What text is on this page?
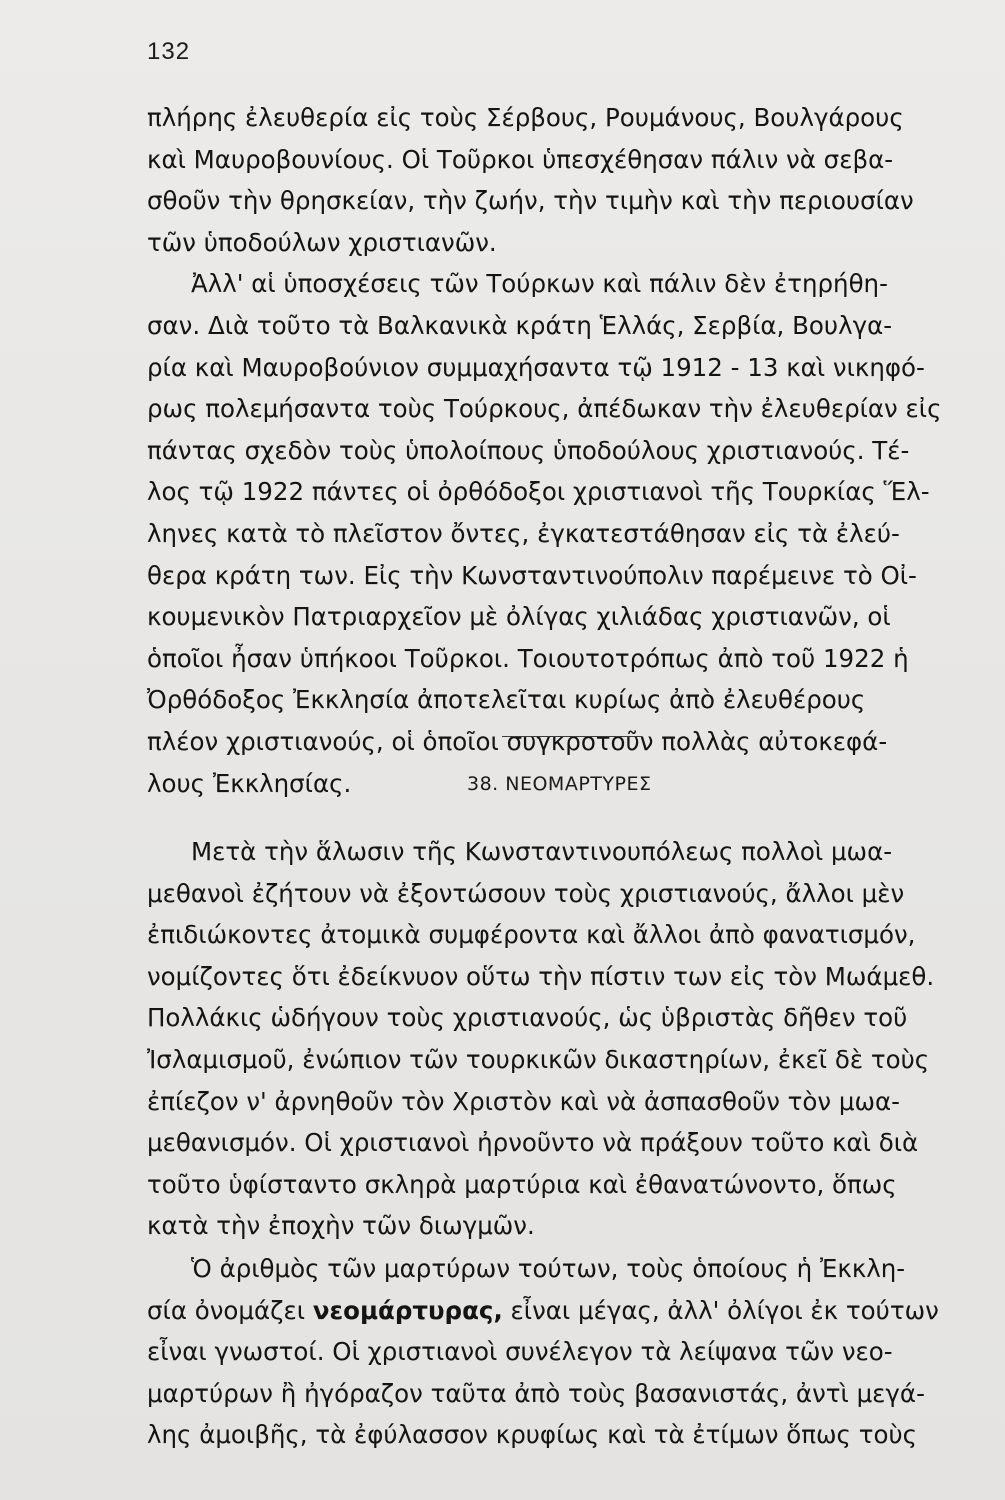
132
πλήρης ἐλευθερία εἰς τοὺς Σέρβους, Ρουμάνους, Βουλγάρους
καὶ Μαυροβουνίους. Οἱ Τοῦρκοι ὑπεσχέθησαν πάλιν νὰ σεβα-
σθοῦν τὴν θρησκείαν, τὴν ζωήν, τὴν τιμὴν καὶ τὴν περιουσίαν
τῶν ὑποδούλων χριστιανῶν.
Ἀλλ' αἱ ὑποσχέσεις τῶν Τούρκων καὶ πάλιν δὲν ἐτηρήθη-
σαν. Διὰ τοῦτο τὰ Βαλκανικὰ κράτη Ἑλλάς, Σερβία, Βουλγα-
ρία καὶ Μαυροβούνιον συμμαχήσαντα τῷ 1912 - 13 καὶ νικηφό-
ρως πολεμήσαντα τοὺς Τούρκους, ἀπέδωκαν τὴν ἐλευθερίαν εἰς
πάντας σχεδὸν τοὺς ὑπολοίπους ὑποδούλους χριστιανούς. Τέ-
λος τῷ 1922 πάντες οἱ ὀρθόδοξοι χριστιανοὶ τῆς Τουρκίας Ἕλ-
ληνες κατὰ τὸ πλεῖστον ὄντες, ἐγκατεστάθησαν εἰς τὰ ἐλεύ-
θερα κράτη των. Εἰς τὴν Κωνσταντινούπολιν παρέμεινε τὸ Οἰ-
κουμενικὸν Πατριαρχεῖον μὲ ὀλίγας χιλιάδας χριστιανῶν, οἱ
ὁποῖοι ἦσαν ὑπήκοοι Τοῦρκοι. Τοιουτοτρόπως ἀπὸ τοῦ 1922 ἡ
Ὀρθόδοξος Ἐκκλησία ἀποτελεῖται κυρίως ἀπὸ ἐλευθέρους
πλέον χριστιανούς, οἱ ὁποῖοι συγκροτοῦν πολλὰς αὐτοκεφά-
λους Ἐκκλησίας.	38. ΝΕΟΜΑΡΤΥΡΕΣ
Μετὰ τὴν ἅλωσιν τῆς Κωνσταντινουπόλεως πολλοὶ μωα-
μεθανοὶ ἐζήτουν νὰ ἐξοντώσουν τοὺς χριστιανούς, ἄλλοι μὲν
ἐπιδιώκοντες ἀτομικὰ συμφέροντα καὶ ἄλλοι ἀπὸ φανατισμόν,
νομίζοντες ὅτι ἐδείκνυον οὕτω τὴν πίστιν των εἰς τὸν Μωάμεθ.
Πολλάκις ὡδήγουν τοὺς χριστιανούς, ὡς ὑβριστὰς δῆθεν τοῦ
Ἰσλαμισμοῦ, ἐνώπιον τῶν τουρκικῶν δικαστηρίων, ἐκεῖ δὲ τοὺς
ἐπίεζον ν' ἀρνηθοῦν τὸν Χριστὸν καὶ νὰ ἀσπασθοῦν τὸν μωα-
μεθανισμόν. Οἱ χριστιανοὶ ἠρνοῦντο νὰ πράξουν τοῦτο καὶ διὰ
τοῦτο ὑφίσταντο σκληρὰ μαρτύρια καὶ ἐθανατώνοντο, ὅπως
κατὰ τὴν ἐποχὴν τῶν διωγμῶν.
Ὁ ἀριθμὸς τῶν μαρτύρων τούτων, τοὺς ὁποίους ἡ Ἐκκλη-
σία ὀνομάζει νεομάρτυρας, εἶναι μέγας, ἀλλ' ὀλίγοι ἐκ τούτων
εἶναι γνωστοί. Οἱ χριστιανοὶ συνέλεγον τὰ λείψανα τῶν νεο-
μαρτύρων ἢ ἠγόραζον ταῦτα ἀπὸ τοὺς βασανιστάς, ἀντὶ μεγά-
λης ἀμοιβῆς, τὰ ἐφύλασσον κρυφίως καὶ τὰ ἐτίμων ὅπως τοὺς
